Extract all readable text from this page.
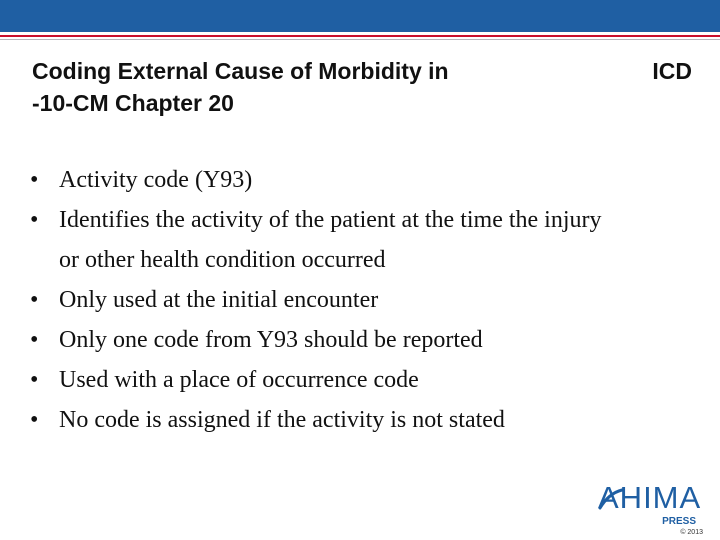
Coding External Cause of Morbidity in	ICD
-10-CM Chapter 20
• Activity code (Y93)
• Identifies the activity of the patient at the time the injury
or other health condition occurred
• Only used at the initial encounter
• Only one code from Y93 should be reported
• Used with a place of occurrence code
• No code is assigned if the activity is not stated
AHIMA
PRESS
© 2013
